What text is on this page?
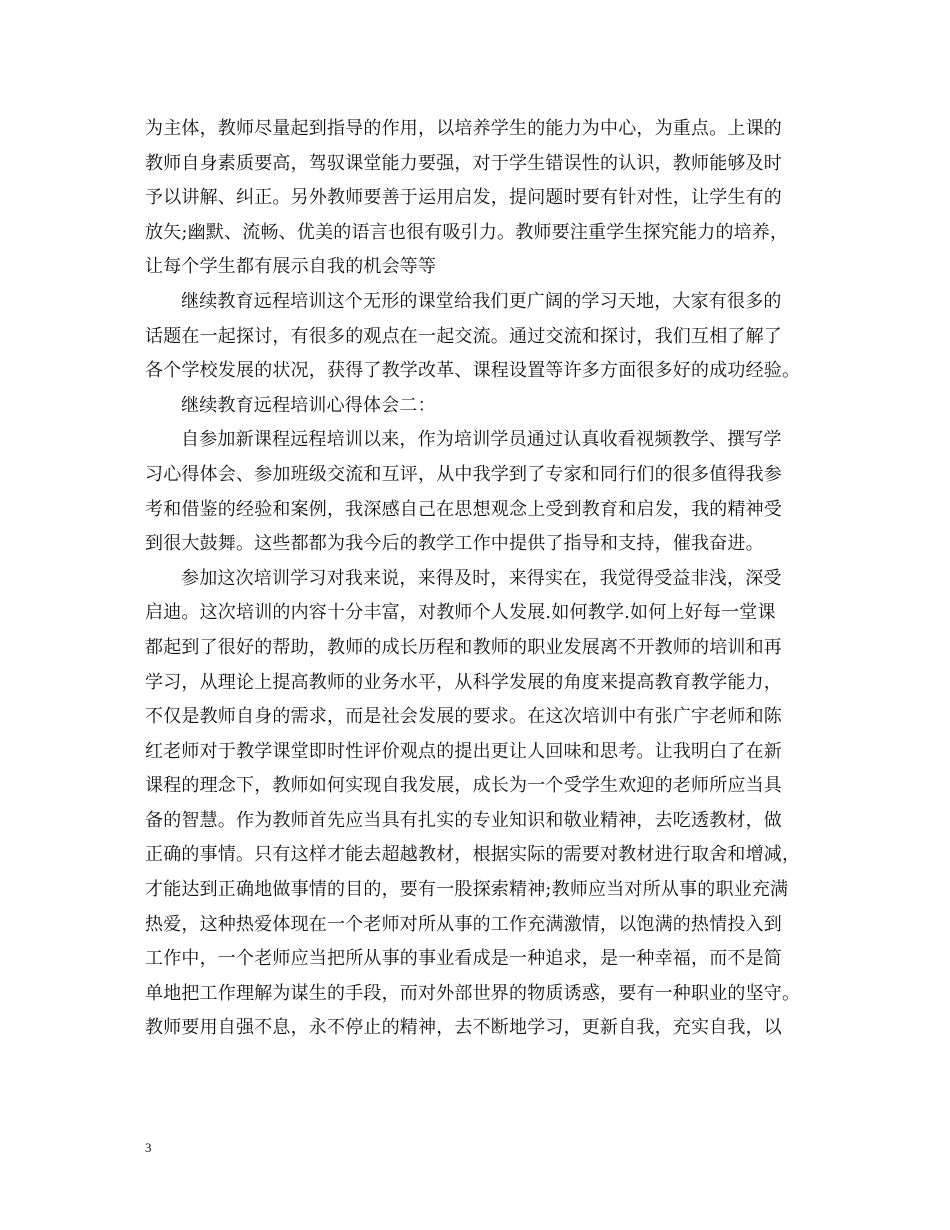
为主体，教师尽量起到指导的作用，以培养学生的能力为中心，为重点。上课的
教师自身素质要高，驾驭课堂能力要强，对于学生错误性的认识，教师能够及时
予以讲解、纠正。另外教师要善于运用启发，提问题时要有针对性，让学生有的
放矢;幽默、流畅、优美的语言也很有吸引力。教师要注重学生探究能力的培养，
让每个学生都有展示自我的机会等等
继续教育远程培训这个无形的课堂给我们更广阔的学习天地，大家有很多的
话题在一起探讨，有很多的观点在一起交流。通过交流和探讨，我们互相了解了
各个学校发展的状况，获得了教学改革、课程设置等许多方面很多好的成功经验。
继续教育远程培训心得体会二：
自参加新课程远程培训以来，作为培训学员通过认真收看视频教学、撰写学
习心得体会、参加班级交流和互评，从中我学到了专家和同行们的很多值得我参
考和借鉴的经验和案例，我深感自己在思想观念上受到教育和启发，我的精神受
到很大鼓舞。这些都都为我今后的教学工作中提供了指导和支持，催我奋进。
参加这次培训学习对我来说，来得及时，来得实在，我觉得受益非浅，深受
启迪。这次培训的内容十分丰富，对教师个人发展.如何教学.如何上好每一堂课
都起到了很好的帮助，教师的成长历程和教师的职业发展离不开教师的培训和再
学习，从理论上提高教师的业务水平，从科学发展的角度来提高教育教学能力，
不仅是教师自身的需求，而是社会发展的要求。在这次培训中有张广宇老师和陈
红老师对于教学课堂即时性评价观点的提出更让人回味和思考。让我明白了在新
课程的理念下，教师如何实现自我发展，成长为一个受学生欢迎的老师所应当具
备的智慧。作为教师首先应当具有扎实的专业知识和敬业精神，去吃透教材，做
正确的事情。只有这样才能去超越教材，根据实际的需要对教材进行取舍和增减，
才能达到正确地做事情的目的，要有一股探索精神;教师应当对所从事的职业充满
热爱，这种热爱体现在一个老师对所从事的工作充满激情，以饱满的热情投入到
工作中，一个老师应当把所从事的事业看成是一种追求，是一种幸福，而不是简
单地把工作理解为谋生的手段，而对外部世界的物质诱惑，要有一种职业的坚守。
教师要用自强不息，永不停止的精神，去不断地学习，更新自我，充实自我，以
3
